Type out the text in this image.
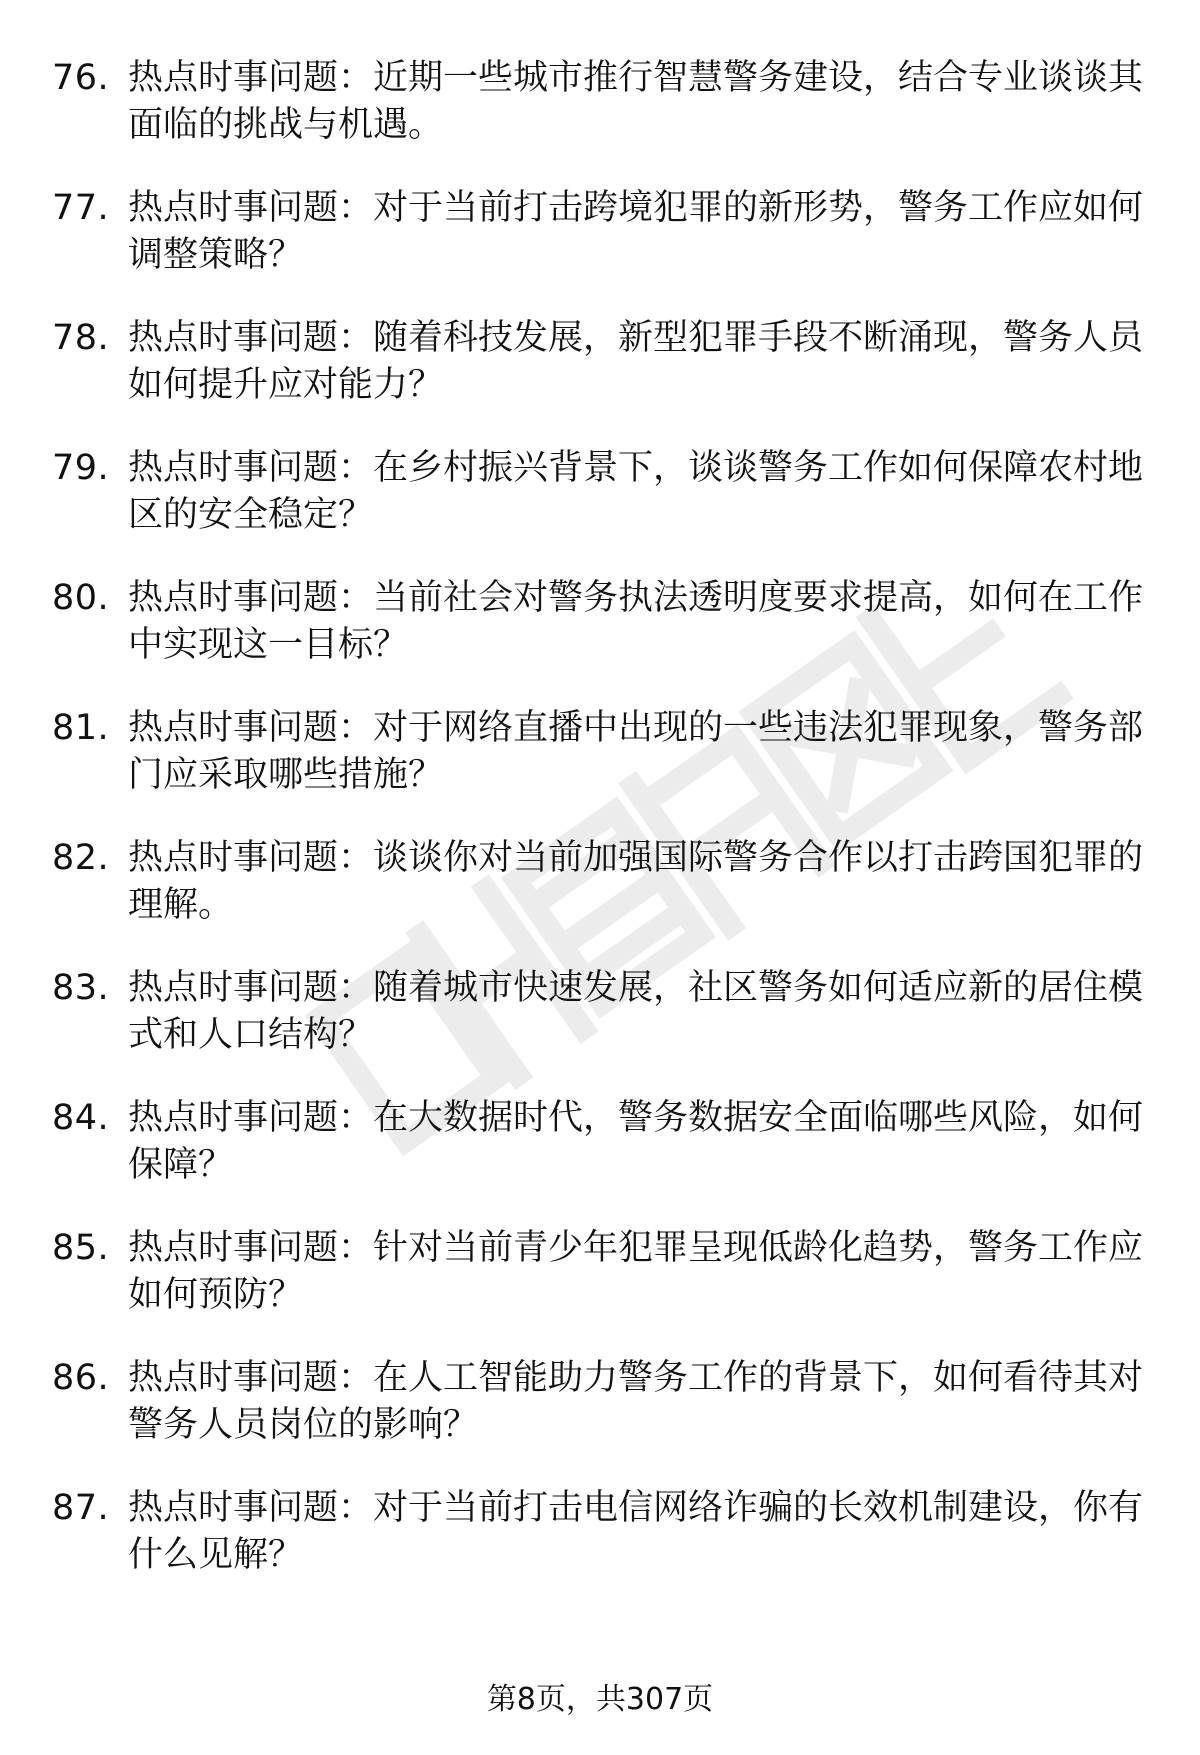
76. 热点时事问题：近期一些城市推行智慧警务建设，结合专业谈谈其面临的挑战与机遇。
77. 热点时事问题：对于当前打击跨境犯罪的新形势，警务工作应如何调整策略？
78. 热点时事问题：随着科技发展，新型犯罪手段不断涌现，警务人员如何提升应对能力？
79. 热点时事问题：在乡村振兴背景下，谈谈警务工作如何保障农村地区的安全稳定？
80. 热点时事问题：当前社会对警务执法透明度要求提高，如何在工作中实现这一目标？
81. 热点时事问题：对于网络直播中出现的一些违法犯罪现象，警务部门应采取哪些措施？
82. 热点时事问题：谈谈你对当前加强国际警务合作以打击跨国犯罪的理解。
83. 热点时事问题：随着城市快速发展，社区警务如何适应新的居住模式和人口结构？
84. 热点时事问题：在大数据时代，警务数据安全面临哪些风险，如何保障？
85. 热点时事问题：针对当前青少年犯罪呈现低龄化趋势，警务工作应如何预防？
86. 热点时事问题：在人工智能助力警务工作的背景下，如何看待其对警务人员岗位的影响？
87. 热点时事问题：对于当前打击电信网络诈骗的长效机制建设，你有什么见解？
第8页，共307页
